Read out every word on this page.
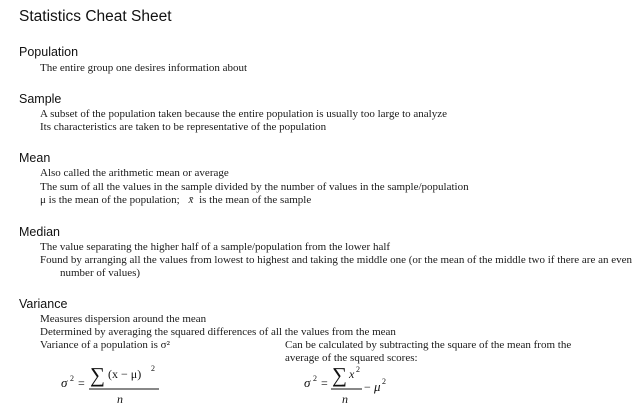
Statistics Cheat Sheet
Population
The entire group one desires information about
Sample
A subset of the population taken because the entire population is usually too large to analyze
Its characteristics are taken to be representative of the population
Mean
Also called the arithmetic mean or average
The sum of all the values in the sample divided by the number of values in the sample/population
μ is the mean of the population; x̄ is the mean of the sample
Median
The value separating the higher half of a sample/population from the lower half
Found by arranging all the values from lowest to highest and taking the middle one (or the mean of the middle two if there are an even number of values)
Variance
Measures dispersion around the mean
Determined by averaging the squared differences of all the values from the mean
Variance of a population is σ²	Can be calculated by subtracting the square of the mean from the average of the squared scores:
σ 2 = ∑ (x − μ) 2
n
σ 2 = ∑ x 2
n
− μ 2
